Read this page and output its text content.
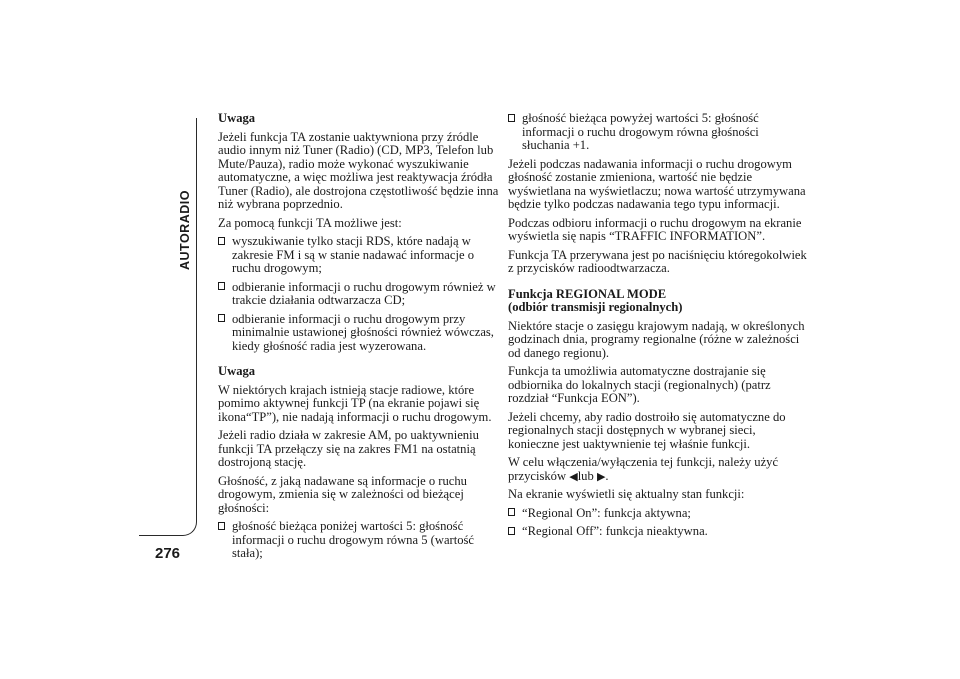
AUTORADIO
276

Uwaga

Jeżeli funkcja TA zostanie uaktywniona przy źródle audio innym niż Tuner (Radio) (CD, MP3, Telefon lub Mute/Pauza), radio może wykonać wyszukiwanie automatyczne, a więc możliwa jest reaktywacja źródła Tuner (Radio), ale dostrojona częstotliwość będzie inna niż wybrana poprzednio.

Za pomocą funkcji TA możliwe jest:

wyszukiwanie tylko stacji RDS, które nadają w zakresie FM i są w stanie nadawać informacje o ruchu drogowym;
odbieranie informacji o ruchu drogowym również w trakcie działania odtwarzacza CD;
odbieranie informacji o ruchu drogowym przy minimalnie ustawionej głośności również wówczas, kiedy głośność radia jest wyzerowana.

Uwaga

W niektórych krajach istnieją stacje radiowe, które pomimo aktywnej funkcji TP (na ekranie pojawi się ikona“TP”), nie nadają informacji o ruchu drogowym.

Jeżeli radio działa w zakresie AM, po uaktywnieniu funkcji TA przełączy się na zakres FM1 na ostatnią dostrojoną stację.

Głośność, z jaką nadawane są informacje o ruchu drogowym, zmienia się w zależności od bieżącej głośności:

głośność bieżąca poniżej wartości 5: głośność informacji o ruchu drogowym równa 5 (wartość stała);
głośność bieżąca powyżej wartości 5: głośność informacji o ruchu drogowym równa głośności słuchania +1.

Jeżeli podczas nadawania informacji o ruchu drogowym głośność zostanie zmieniona, wartość nie będzie wyświetlana na wyświetlaczu; nowa wartość utrzymywana będzie tylko podczas nadawania tego typu informacji.

Podczas odbioru informacji o ruchu drogowym na ekranie wyświetla się napis “TRAFFIC INFORMATION”.

Funkcja TA przerywana jest po naciśnięciu któregokolwiek z przycisków radioodtwarzacza.

Funkcja REGIONAL MODE

(odbiór transmisji regionalnych)

Niektóre stacje o zasięgu krajowym nadają, w określonych godzinach dnia, programy regionalne (różne w zależności od danego regionu).

Funkcja ta umożliwia automatyczne dostrajanie się odbiornika do lokalnych stacji (regionalnych) (patrz rozdział “Funkcja EON”).

Jeżeli chcemy, aby radio dostroiło się automatyczne do regionalnych stacji dostępnych w wybranej sieci, konieczne jest uaktywnienie tej właśnie funkcji.

W celu włączenia/wyłączenia tej funkcji, należy użyć przycisków ◀lub ▶.

Na ekranie wyświetli się aktualny stan funkcji:

“Regional On”: funkcja aktywna;
“Regional Off”: funkcja nieaktywna.
